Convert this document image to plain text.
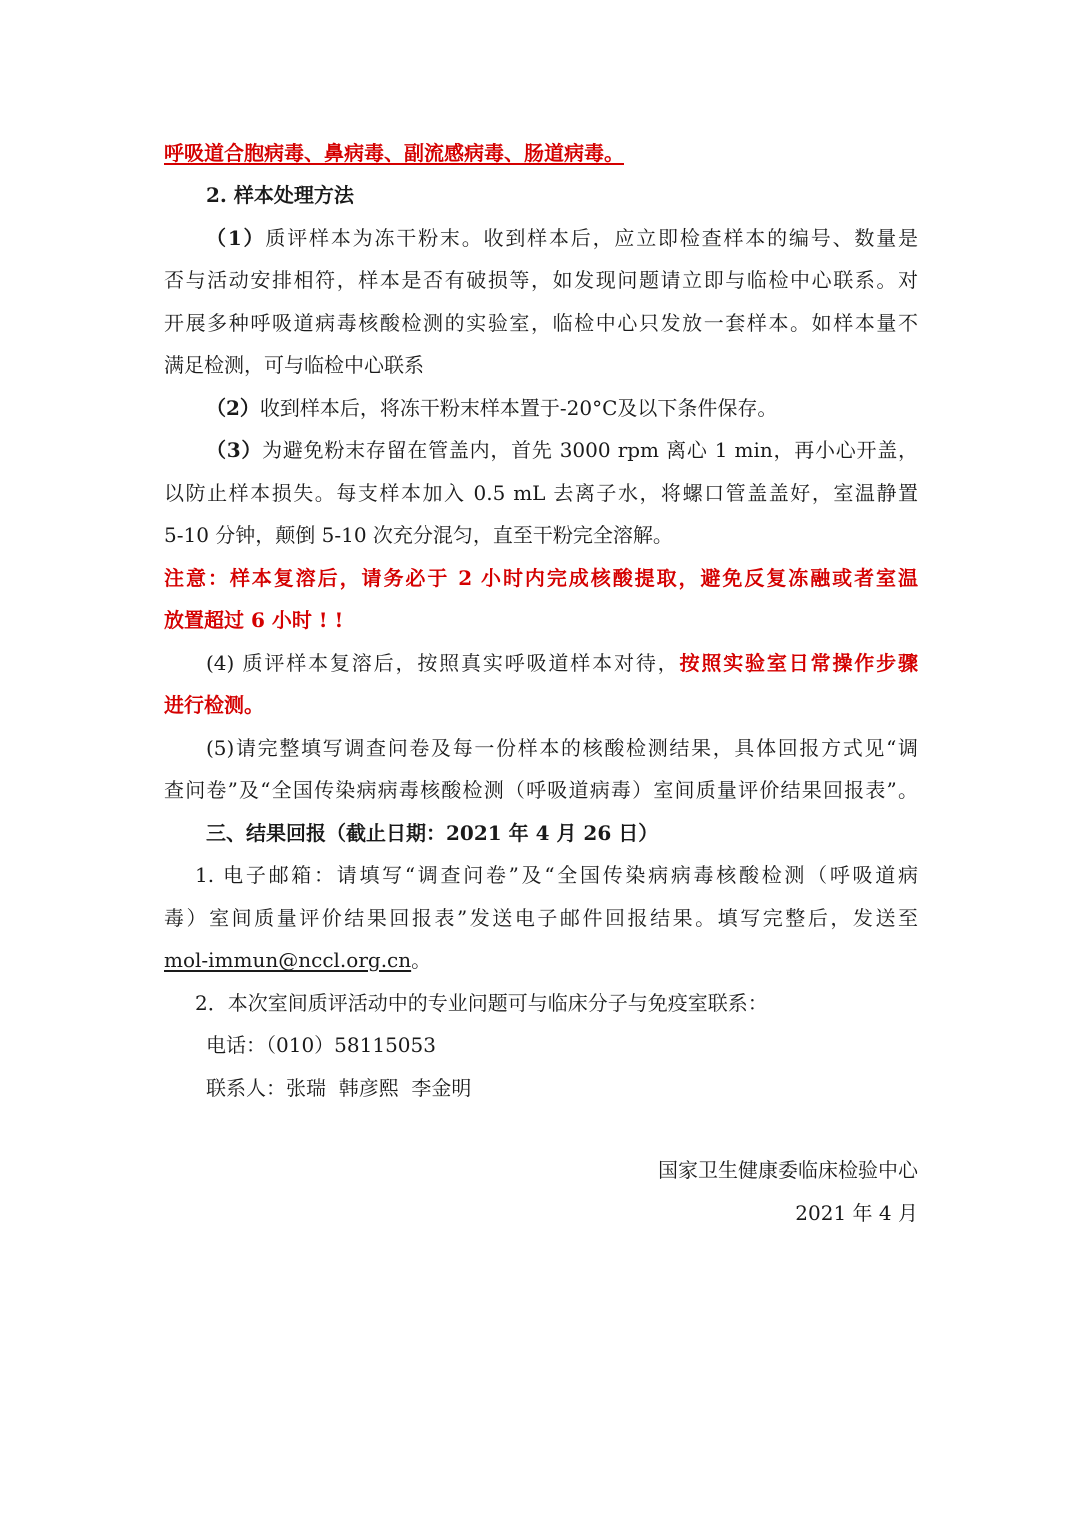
呼吸道合胞病毒、鼻病毒、副流感病毒、肠道病毒。
2. 样本处理方法
（1）质评样本为冻干粉末。收到样本后，应立即检查样本的编号、数量是
否与活动安排相符，样本是否有破损等，如发现问题请立即与临检中心联系。对
开展多种呼吸道病毒核酸检测的实验室，临检中心只发放一套样本。如样本量不
满足检测，可与临检中心联系
（2）收到样本后，将冻干粉末样本置于-20°C及以下条件保存。
（3）为避免粉末存留在管盖内，首先 3000 rpm 离心 1 min，再小心开盖，
以防止样本损失。每支样本加入 0.5 mL 去离子水，将螺口管盖盖好，室温静置
5-10 分钟，颠倒 5-10 次充分混匀，直至干粉完全溶解。
注意：样本复溶后，请务必于 2 小时内完成核酸提取，避免反复冻融或者室温
放置超过 6 小时 ! !
(4) 质评样本复溶后，按照真实呼吸道样本对待，按照实验室日常操作步骤
进行检测。
(5)请完整填写调查问卷及每一份样本的核酸检测结果，具体回报方式见“调
查问卷”及“全国传染病病毒核酸检测（呼吸道病毒）室间质量评价结果回报表”。
三、结果回报（截止日期：2021 年 4 月 26 日）
1. 电子邮箱：请填写“调查问卷”及“全国传染病病毒核酸检测（呼吸道病
毒）室间质量评价结果回报表”发送电子邮件回报结果。填写完整后，发送至
mol-immun@nccl.org.cn。
2．本次室间质评活动中的专业问题可与临床分子与免疫室联系：
电话：（010）58115053
联系人：张瑞  韩彦熙  李金明
国家卫生健康委临床检验中心
2021 年 4 月
